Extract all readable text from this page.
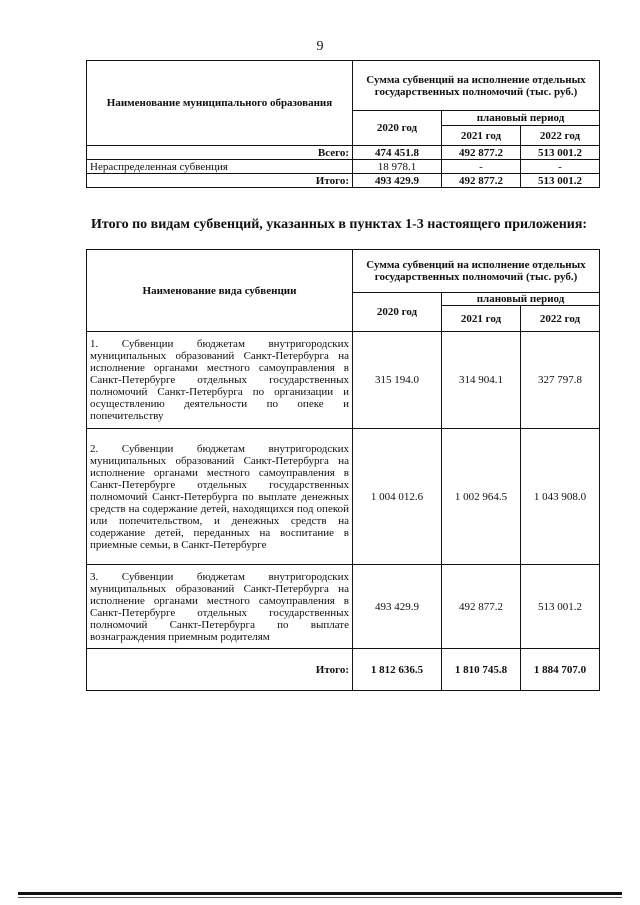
9
Наименование муниципального образования	Сумма субвенций на исполнение отдельных государственных полномочий (тыс. руб.)		
	2020 год	плановый период	
		2021 год	2022 год
Всего:	474 451.8	492 877.2	513 001.2
Нераспределенная субвенция	18 978.1	-	-
Итого:	493 429.9	492 877.2	513 001.2
Итого по видам субвенций, указанных в пунктах 1-3 настоящего приложения:
Наименование вида субвенции	Сумма субвенций на исполнение отдельных государственных полномочий (тыс. руб.)		
	2020 год	плановый период	
		2021 год	2022 год
1. Субвенции бюджетам внутригородских муниципальных образований Санкт-Петербурга на исполнение органами местного самоуправления в Санкт-Петербурге отдельных государственных полномочий Санкт-Петербурга по организации и осуществлению деятельности по опеке и попечительству	315 194.0	314 904.1	327 797.8
2. Субвенции бюджетам внутригородских муниципальных образований Санкт-Петербурга на исполнение органами местного самоуправления в Санкт-Петербурге отдельных государственных полномочий Санкт-Петербурга по выплате денежных средств на содержание детей, находящихся под опекой или попечительством, и денежных средств на содержание детей, переданных на воспитание в приемные семьи, в Санкт-Петербурге	1 004 012.6	1 002 964.5	1 043 908.0
3. Субвенции бюджетам внутригородских муниципальных образований Санкт-Петербурга на исполнение органами местного самоуправления в Санкт-Петербурге отдельных государственных полномочий Санкт-Петербурга по выплате вознаграждения приемным родителям	493 429.9	492 877.2	513 001.2
Итого:	1 812 636.5	1 810 745.8	1 884 707.0
